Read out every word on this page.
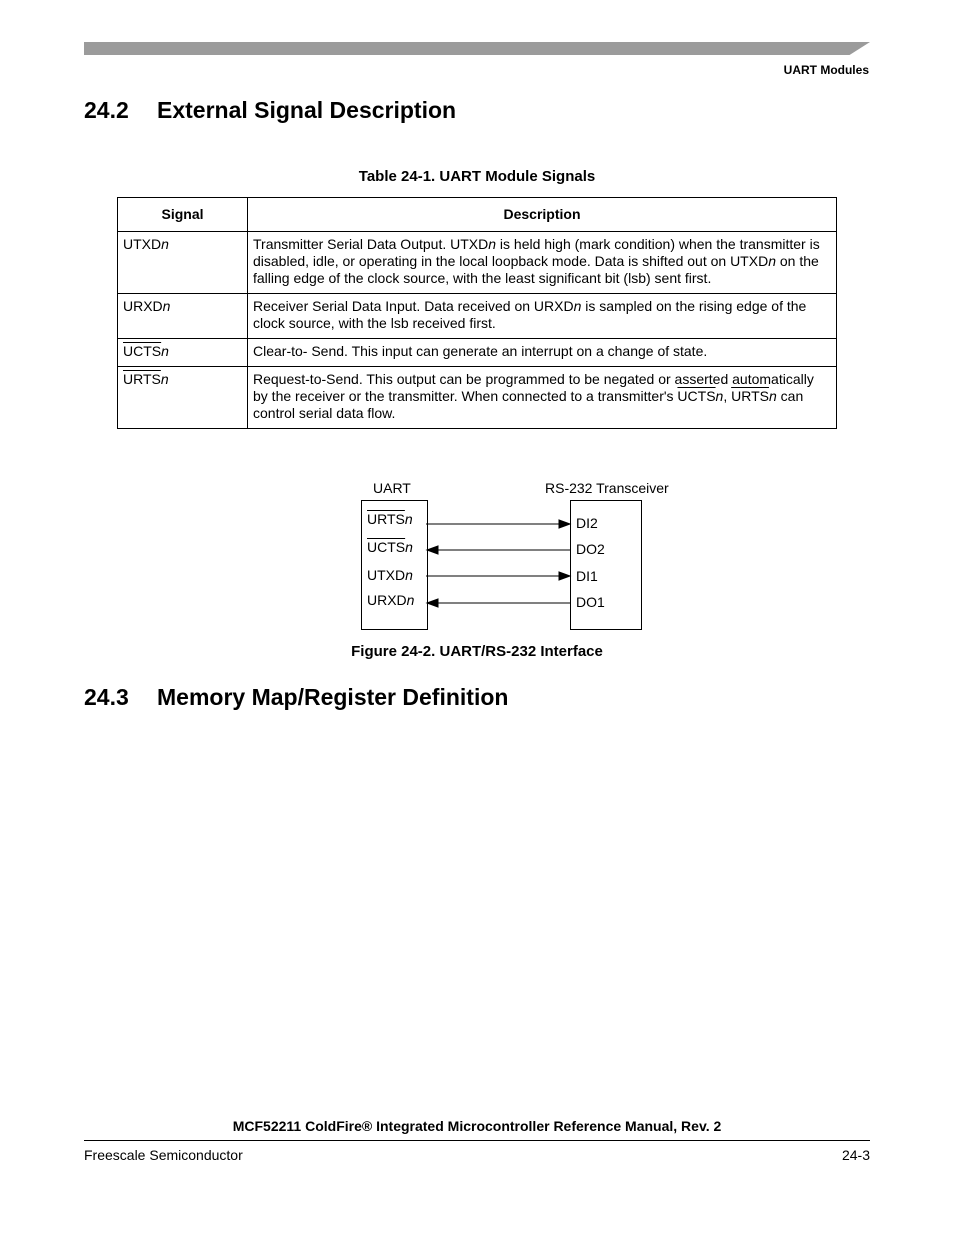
UART Modules
24.2 External Signal Description
Table 24-1. UART Module Signals
Signal	Description
UTXDn	Transmitter Serial Data Output. UTXDn is held high (mark condition) when the transmitter is disabled, idle, or operating in the local loopback mode. Data is shifted out on UTXDn on the falling edge of the clock source, with the least significant bit (lsb) sent first.
URXDn	Receiver Serial Data Input. Data received on URXDn is sampled on the rising edge of the clock source, with the lsb received first.
UCTSn	Clear-to- Send. This input can generate an interrupt on a change of state.
URTSn	Request-to-Send. This output can be programmed to be negated or asserted automatically by the receiver or the transmitter. When connected to a transmitter's UCTSn, URTSn can control serial data flow.
UART	RS-232 Transceiver
URTSn
UCTSn
UTXDn
URXDn
DI2
DO2
DI1
DO1
Figure 24-2. UART/RS-232 Interface
24.3 Memory Map/Register Definition
MCF52211 ColdFire® Integrated Microcontroller Reference Manual, Rev. 2
Freescale Semiconductor	24-3
